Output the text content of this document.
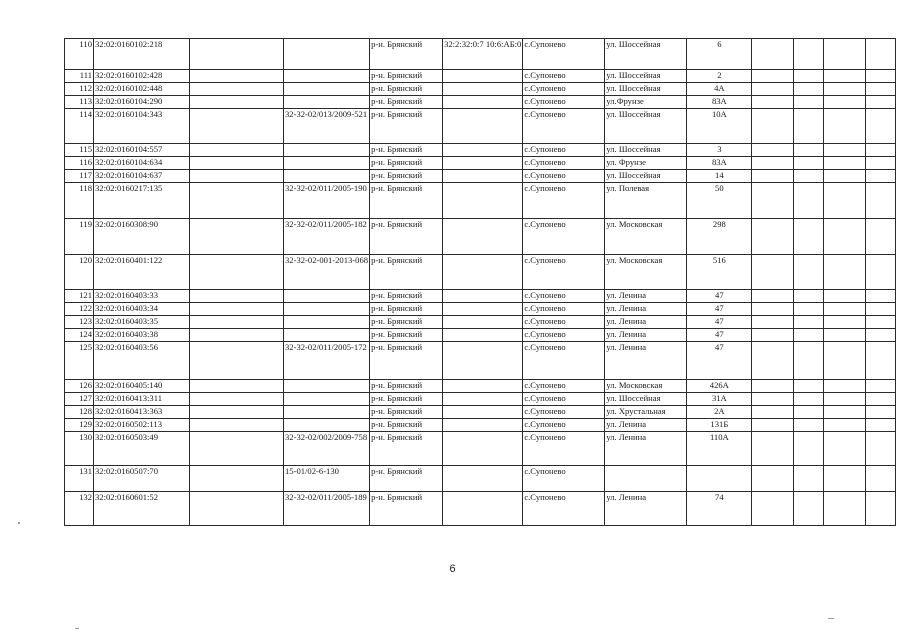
110	32:02:0160102:218			р-н. Брянский	32:2:32:0:7 10:6:АБ:0	с.Супонево	ул. Шоссейная	6				
111	32:02:0160102:428			р-н. Брянский		с.Супонево	ул. Шоссейная	2				
112	32:02:0160102:448			р-н. Брянский		с.Супонево	ул. Шоссейная	4А				
113	32:02:0160104:290			р-н. Брянский		с.Супонево	ул.Фрунзе	83А				
114	32:02:0160104:343		32-32-02/013/2009-521	р-н. Брянский		с.Супонево	ул. Шоссейная	10А				
115	32:02:0160104:557			р-н. Брянский		с.Супонево	ул. Шоссейная	3				
116	32:02:0160104:634			р-н. Брянский		с.Супонево	ул. Фрунзе	83А				
117	32:02:0160104:637			р-н. Брянский		с.Супонево	ул. Шоссейная	14				
118	32:02:0160217:135		32-32-02/011/2005-190	р-н. Брянский		с.Супонево	ул. Полевая	50				
119	32:02:0160308:90		32-32-02/011/2005-182	р-н. Брянский		с.Супонево	ул. Московская	298				
120	32:02:0160401:122		32-32-02-001-2013-068	р-н. Брянский		с.Супонево	ул. Московская	516				
121	32:02:0160403:33			р-н. Брянский		с.Супонево	ул. Ленина	47				
122	32:02:0160403:34			р-н. Брянский		с.Супонево	ул. Ленина	47				
123	32:02:0160403:35			р-н. Брянский		с.Супонево	ул. Ленина	47				
124	32:02:0160403:38			р-н. Брянский		с.Супонево	ул. Ленина	47				
125	32:02:0160403:56		32-32-02/011/2005-172	р-н. Брянский		с.Супонево	ул. Ленина	47				
126	32:02:0160405:140			р-н. Брянский		с.Супонево	ул. Московская	426А				
127	32:02:0160413:311			р-н. Брянский		с.Супонево	ул. Шоссейная	31А				
128	32:02:0160413:363			р-н. Брянский		с.Супонево	ул. Хрустальная	2А				
129	32:02:0160502:113			р-н. Брянский		с.Супонево	ул. Ленина	131Б				
130	32:02:0160503:49		32-32-02/002/2009-758	р-н. Брянский		с.Супонево	ул. Ленина	110А				
131	32:02:0160507:70		15-01/02-6-130	р-н. Брянский		с.Супонево						
132	32:02:0160601:52		32-32-02/011/2005-189	р-н. Брянский		с.Супонево	ул. Ленина	74				
6
